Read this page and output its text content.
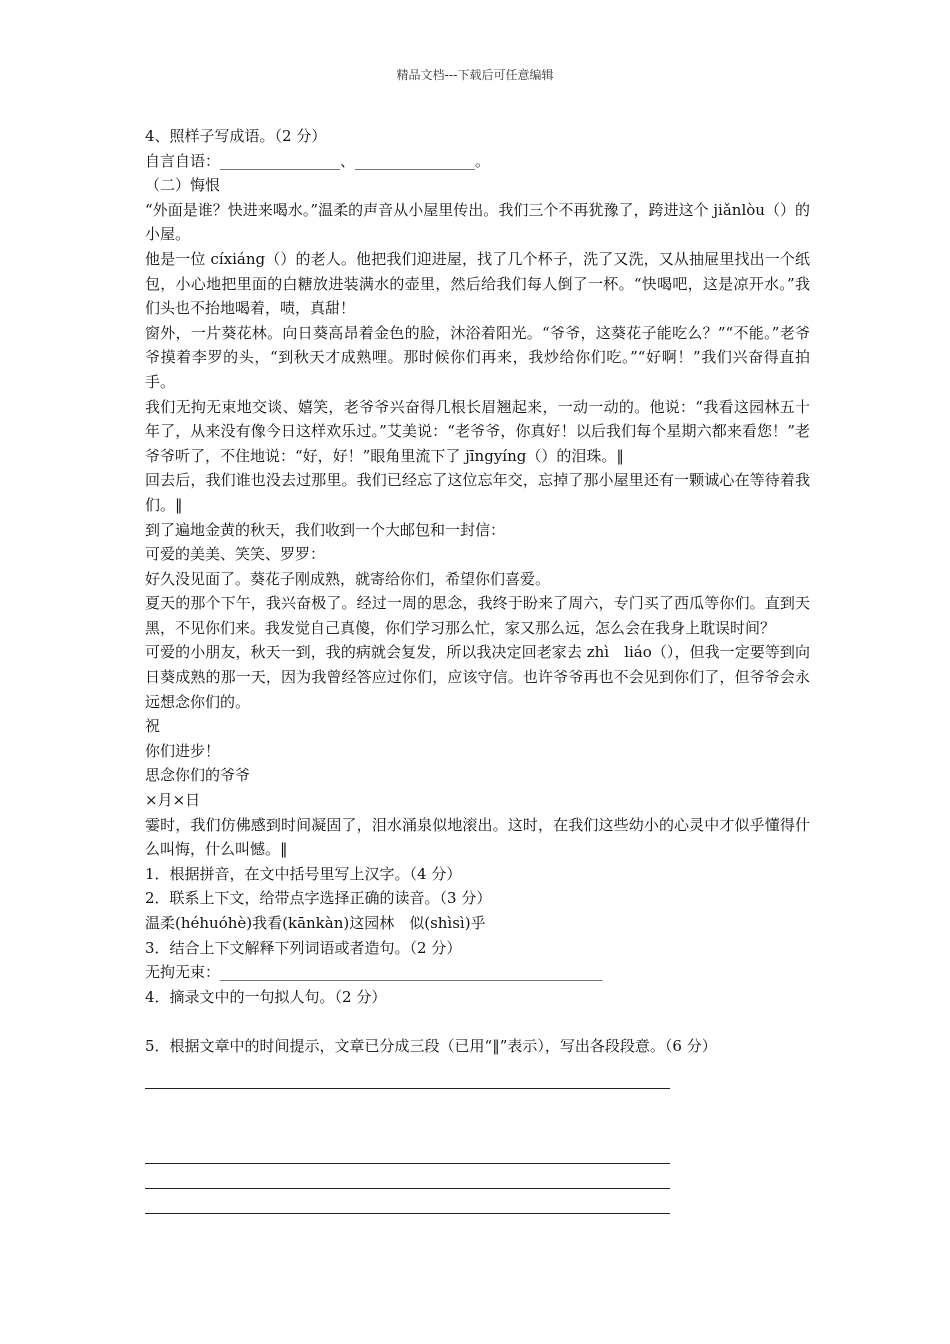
精品文档---下载后可任意编辑

4、照样子写成语。（2 分）

自言自语：________________、________________。

（二）悔恨

“外面是谁？快进来喝水。”温柔的声音从小屋里传出。我们三个不再犹豫了，跨进这个 jiǎnlòu（）的小屋。

他是一位 cíxiáng（）的老人。他把我们迎进屋，找了几个杯子，洗了又洗，又从抽屉里找出一个纸包，小心地把里面的白糖放进装满水的壶里，然后给我们每人倒了一杯。“快喝吧，这是凉开水。”我们头也不抬地喝着，啧，真甜！

窗外，一片葵花林。向日葵高昂着金色的脸，沐浴着阳光。“爷爷，这葵花子能吃么？”“不能。”老爷爷摸着李罗的头，“到秋天才成熟哩。那时候你们再来，我炒给你们吃。”“好啊！”我们兴奋得直拍手。

我们无拘无束地交谈、嬉笑，老爷爷兴奋得几根长眉翘起来，一动一动的。他说：“我看这园林五十年了，从来没有像今日这样欢乐过。”艾美说：“老爷爷，你真好！以后我们每个星期六都来看您！”老爷爷听了，不住地说：“好，好！”眼角里流下了 jīngyíng（）的泪珠。‖

回去后，我们谁也没去过那里。我们已经忘了这位忘年交，忘掉了那小屋里还有一颗诚心在等待着我们。‖

到了遍地金黄的秋天，我们收到一个大邮包和一封信：

可爱的美美、笑笑、罗罗：

好久没见面了。葵花子刚成熟，就寄给你们，希望你们喜爱。

夏天的那个下午，我兴奋极了。经过一周的思念，我终于盼来了周六，专门买了西瓜等你们。直到天黑，不见你们来。我发觉自己真傻，你们学习那么忙，家又那么远，怎么会在我身上耽误时间？

可爱的小朋友，秋天一到，我的病就会复发，所以我决定回老家去 zhì　liáo（），但我一定要等到向日葵成熟的那一天，因为我曾经答应过你们，应该守信。也许爷爷再也不会见到你们了，但爷爷会永远想念你们的。

祝

你们进步！

思念你们的爷爷

×月×日

霎时，我们仿佛感到时间凝固了，泪水涌泉似地滚出。这时，在我们这些幼小的心灵中才似乎懂得什么叫悔，什么叫憾。‖

1．根据拼音，在文中括号里写上汉字。（4 分）

2．联系上下文，给带点字选择正确的读音。（3 分）

温柔(héhuóhè)我看(kānkàn)这园林　似(shìsì)乎

3．结合上下文解释下列词语或者造句。（2 分）

无拘无束：___________________________________________________

4．摘录文中的一句拟人句。（2 分）

5．根据文章中的时间提示，文章已分成三段（已用“‖”表示），写出各段段意。（6 分）
